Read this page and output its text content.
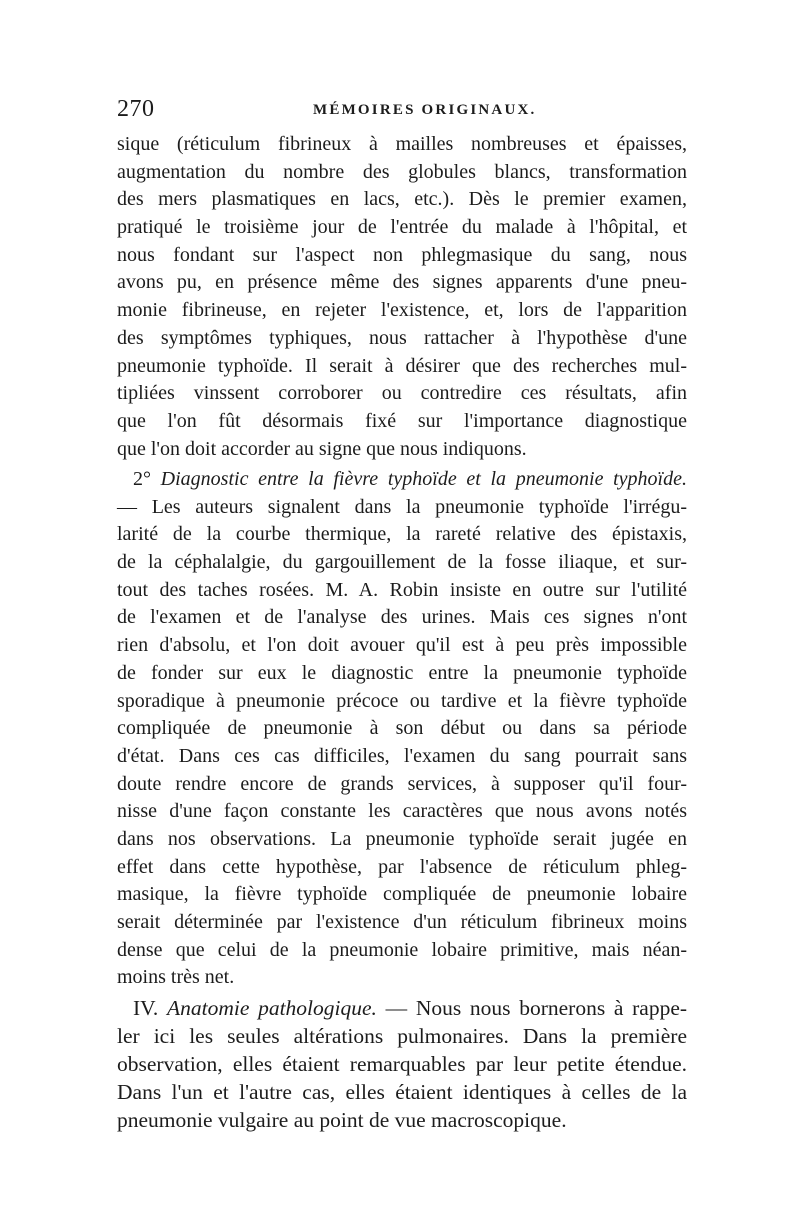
270	MÉMOIRES ORIGINAUX.
sique (réticulum fibrineux à mailles nombreuses et épaisses,
augmentation du nombre des globules blancs, transformation
des mers plasmatiques en lacs, etc.). Dès le premier examen,
pratiqué le troisième jour de l'entrée du malade à l'hôpital, et
nous fondant sur l'aspect non phlegmasique du sang, nous
avons pu, en présence même des signes apparents d'une pneu-
monie fibrineuse, en rejeter l'existence, et, lors de l'apparition
des symptômes typhiques, nous rattacher à l'hypothèse d'une
pneumonie typhoïde. Il serait à désirer que des recherches mul-
tipliées vinssent corroborer ou contredire ces résultats, afin
que l'on fût désormais fixé sur l'importance diagnostique
que l'on doit accorder au signe que nous indiquons.
2° Diagnostic entre la fièvre typhoïde et la pneumonie typhoïde.
— Les auteurs signalent dans la pneumonie typhoïde l'irrégu-
larité de la courbe thermique, la rareté relative des épistaxis,
de la céphalalgie, du gargouillement de la fosse iliaque, et sur-
tout des taches rosées. M. A. Robin insiste en outre sur l'utilité
de l'examen et de l'analyse des urines. Mais ces signes n'ont
rien d'absolu, et l'on doit avouer qu'il est à peu près impossible
de fonder sur eux le diagnostic entre la pneumonie typhoïde
sporadique à pneumonie précoce ou tardive et la fièvre typhoïde
compliquée de pneumonie à son début ou dans sa période
d'état. Dans ces cas difficiles, l'examen du sang pourrait sans
doute rendre encore de grands services, à supposer qu'il four-
nisse d'une façon constante les caractères que nous avons notés
dans nos observations. La pneumonie typhoïde serait jugée en
effet dans cette hypothèse, par l'absence de réticulum phleg-
masique, la fièvre typhoïde compliquée de pneumonie lobaire
serait déterminée par l'existence d'un réticulum fibrineux moins
dense que celui de la pneumonie lobaire primitive, mais néan-
moins très net.
IV. Anatomie pathologique. — Nous nous bornerons à rappe-
ler ici les seules altérations pulmonaires. Dans la première
observation, elles étaient remarquables par leur petite étendue.
Dans l'un et l'autre cas, elles étaient identiques à celles de la
pneumonie vulgaire au point de vue macroscopique.
